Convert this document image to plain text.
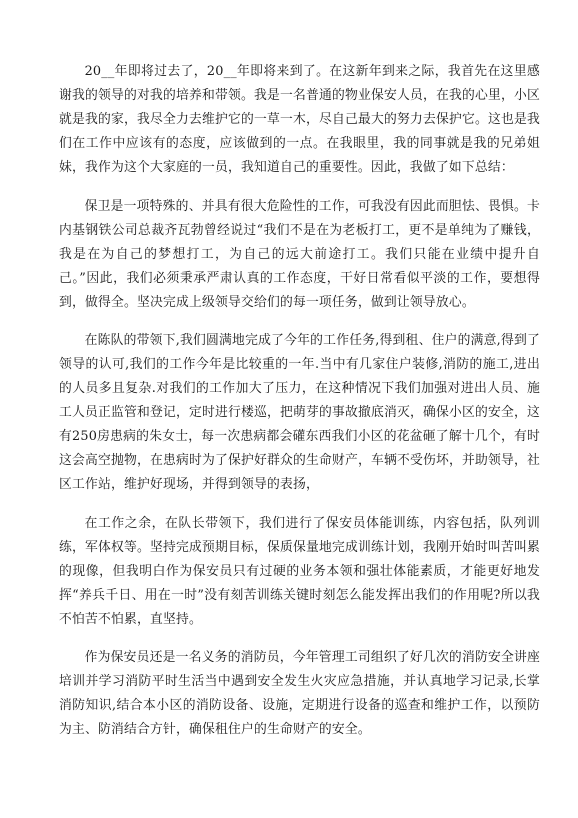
20__年即将过去了，20__年即将来到了。在这新年到来之际，我首先在这里感谢我的领导的对我的培养和带领。我是一名普通的物业保安人员，在我的心里，小区就是我的家，我尽全力去维护它的一草一木，尽自己最大的努力去保护它。这也是我们在工作中应该有的态度，应该做到的一点。在我眼里，我的同事就是我的兄弟姐妹，我作为这个大家庭的一员，我知道自己的重要性。因此，我做了如下总结：

保卫是一项特殊的、并具有很大危险性的工作，可我没有因此而胆怯、畏惧。卡内基钢铁公司总裁齐瓦勃曾经说过“我们不是在为老板打工，更不是单纯为了赚钱，我是在为自己的梦想打工，为自己的远大前途打工。我们只能在业绩中提升自己。”因此，我们必须秉承严肃认真的工作态度，干好日常看似平淡的工作，要想得到，做得全。坚决完成上级领导交给们的每一项任务，做到让领导放心。

在陈队的带领下,我们圆满地完成了今年的工作任务,得到租、住户的满意,得到了领导的认可,我们的工作今年是比较重的一年.当中有几家住户装修,消防的施工,进出的人员多且复杂.对我们的工作加大了压力，在这种情况下我们加强对进出人员、施工人员正监管和登记，定时进行楼巡，把萌芽的事故撤底消灭，确保小区的安全，这有250房患病的朱女士，每一次患病都会礶东西我们小区的花盆砸了解十几个，有时这会高空抛物，在患病时为了保护好群众的生命财产，车辆不受伤坏，并助领导，社区工作站，维护好现场，并得到领导的表扬，

在工作之余，在队长带领下，我们进行了保安员体能训练，内容包括，队列训练，军体权等。坚持完成预期目标，保质保量地完成训练计划，我刚开始时叫苦叫累的现像，但我明白作为保安员只有过硬的业务本领和强壮体能素质，才能更好地发挥“养兵千日、用在一时”没有刻苦训练关键时刻怎么能发挥出我们的作用呢?所以我不怕苦不怕累，直坚持。

作为保安员还是一名义务的消防员，今年管理工司组织了好几次的消防安全讲座培训并学习消防平时生活当中遇到安全发生火灾应急措施，并认真地学习记录,长掌消防知识,结合本小区的消防设备、设施，定期进行设备的巡查和维护工作，以预防为主、防消结合方针，确保租住户的生命财产的安全。
